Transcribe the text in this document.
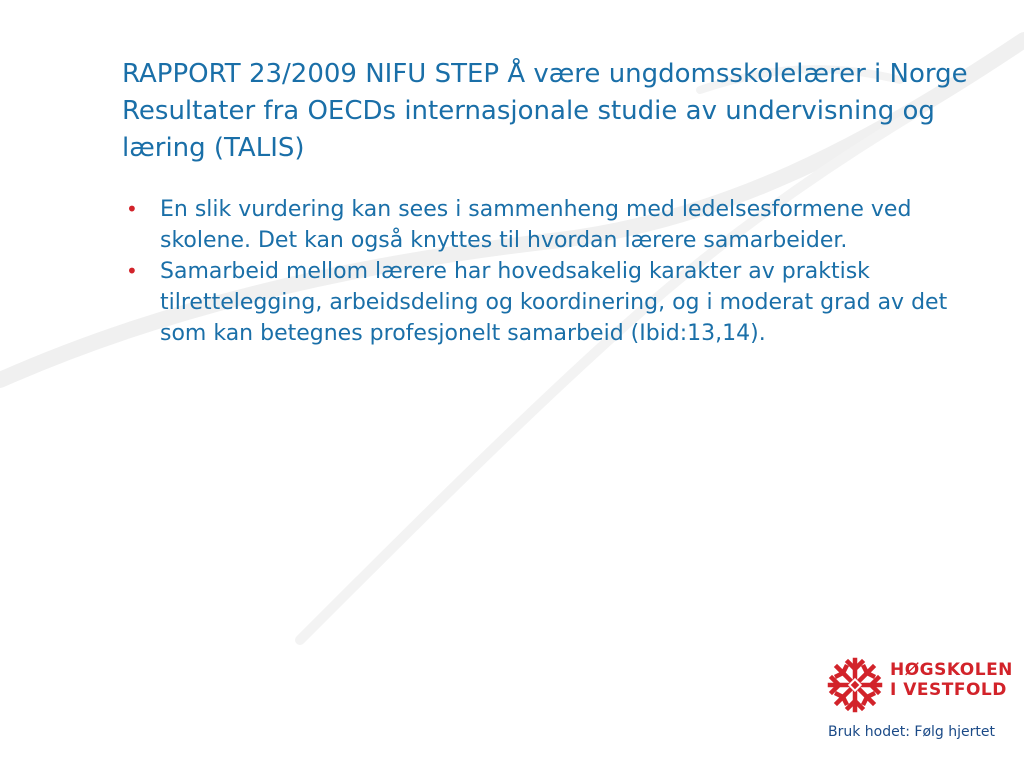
RAPPORT 23/2009 NIFU STEP Å være ungdomsskolelærer i Norge Resultater fra OECDs internasjonale studie av undervisning og læring (TALIS)
• En slik vurdering kan sees i sammenheng med ledelsesformene ved skolene. Det kan også knyttes til hvordan lærere samarbeider.
• Samarbeid mellom lærere har hovedsakelig karakter av praktisk tilrettelegging, arbeidsdeling og koordinering, og i moderat grad av det som kan betegnes profesjonelt samarbeid (Ibid:13,14).
HØGSKOLEN
I VESTFOLD
Bruk hodet: Følg hjertet
